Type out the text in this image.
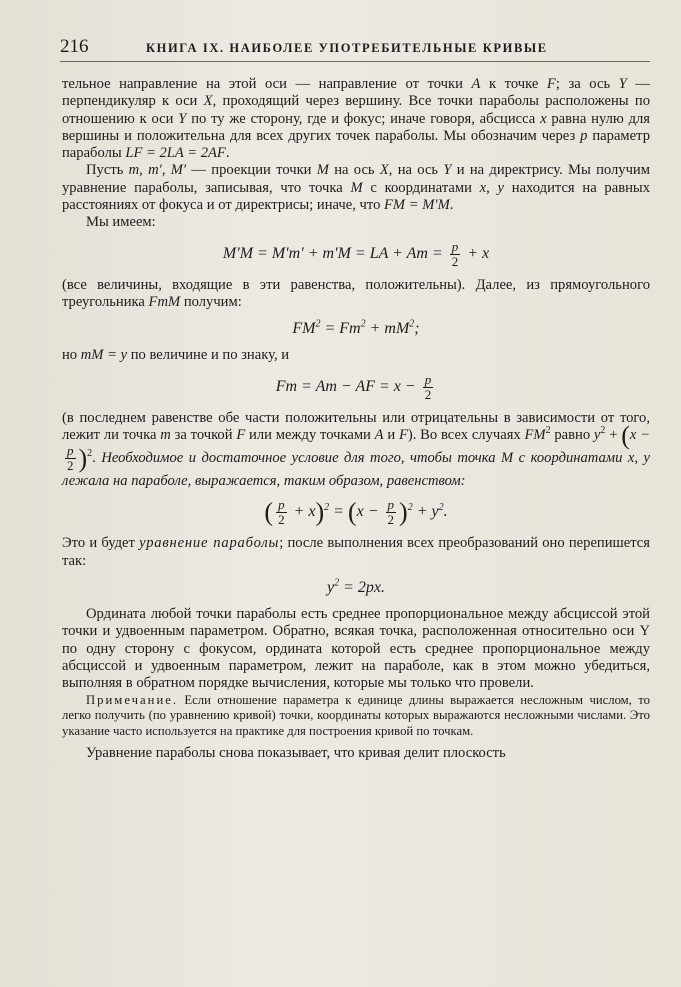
216	КНИГА IX. НАИБОЛЕЕ УПОТРЕБИТЕЛЬНЫЕ КРИВЫЕ

тельное направление на этой оси — направление от точки A к точке F; за ось Y — перпендикуляр к оси X, проходящий через вершину. Все точки параболы расположены по отношению к оси Y по ту же сторону, где и фокус; иначе говоря, абсцисса x равна нулю для вершины и положительна для всех других точек параболы. Мы обозначим через p параметр параболы LF = 2LA = 2AF.

Пусть m, m′, M′ — проекции точки M на ось X, на ось Y и на директрису. Мы получим уравнение параболы, записывая, что точка M с координатами x, y находится на равных расстояниях от фокуса и от директрисы; иначе, что FM = M′M.

Мы имеем:

M′M = M′m′ + m′M = LA + $Am = \frac{p}{2} + x$

(все величины, входящие в эти равенства, положительны). Далее, из прямоугольного треугольника FmM получим:

$FM^2 = Fm^2 + mM^2$;

но mM = y по величине и по знаку, и

Fm = Am − AF = $x - \frac{p}{2}$

(в последнем равенстве обе части положительны или отрицательны в зависимости от того, лежит ли точка m за точкой F или между точками A и F). Во всех случаях $FM^2$ равно $y^2 + (x$ −
$\frac{p}{2} )^2$. Необходимое и достаточное условие для того, чтобы точка M с координатами x, y лежала на параболе, выражается, таким образом, равенством:

( $\frac{p}{2} + x)^2 = (x - \frac{p}{2} )^2 + y^2$.

Это и будет уравнение параболы; после выполнения всех преобразований оно перепишется так:

$y^2 = 2px$.

Ордината любой точки параболы есть среднее пропорциональное между абсциссой этой точки и удвоенным параметром. Обратно, всякая точка, расположенная относительно оси Y по одну сторону с фокусом, ордината которой есть среднее пропорциональное между абсциссой и удвоенным параметром, лежит на параболе, как в этом можно убедиться, выполняя в обратном порядке вычисления, которые мы только что провели.

Примечание. Если отношение параметра к единице длины выражается несложным числом, то легко получить (по уравнению кривой) точки, координаты которых выражаются несложными числами. Это указание часто используется на практике для построения кривой по точкам.

Уравнение параболы снова показывает, что кривая делит плоскость
